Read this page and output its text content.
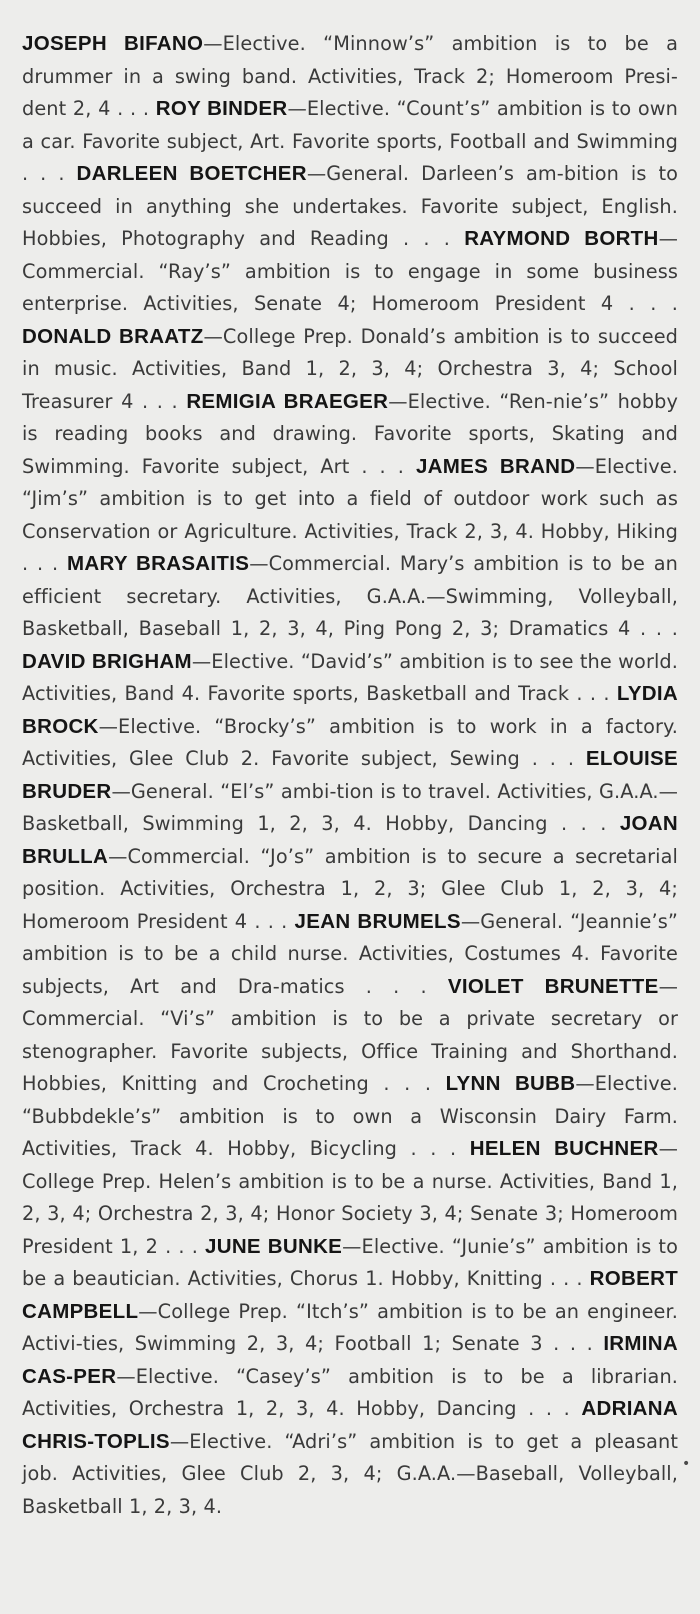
JOSEPH BIFANO—Elective. “Minnow’s” ambition is to be a drummer in a swing band. Activities, Track 2; Homeroom Presi-dent 2, 4 . . . ROY BINDER—Elective. “Count’s” ambition is to own a car. Favorite subject, Art. Favorite sports, Football and Swimming . . . DARLEEN BOETCHER—General. Darleen’s am-bition is to succeed in anything she undertakes. Favorite subject, English. Hobbies, Photography and Reading . . . RAYMOND BORTH—Commercial. “Ray’s” ambition is to engage in some business enterprise. Activities, Senate 4; Homeroom President 4 . . . DONALD BRAATZ—College Prep. Donald’s ambition is to succeed in music. Activities, Band 1, 2, 3, 4; Orchestra 3, 4; School Treasurer 4 . . . REMIGIA BRAEGER—Elective. “Ren-nie’s” hobby is reading books and drawing. Favorite sports, Skating and Swimming. Favorite subject, Art . . . JAMES BRAND—Elective. “Jim’s” ambition is to get into a field of outdoor work such as Conservation or Agriculture. Activities, Track 2, 3, 4. Hobby, Hiking . . . MARY BRASAITIS—Commercial. Mary’s ambition is to be an efficient secretary. Activities, G.A.A.—Swimming, Volleyball, Basketball, Baseball 1, 2, 3, 4, Ping Pong 2, 3; Dramatics 4 . . . DAVID BRIGHAM—Elective. “David’s” ambition is to see the world. Activities, Band 4. Favorite sports, Basketball and Track . . . LYDIA BROCK—Elective. “Brocky’s” ambition is to work in a factory. Activities, Glee Club 2. Favorite subject, Sewing . . . ELOUISE BRUDER—General. “El’s” ambi-tion is to travel. Activities, G.A.A.—Basketball, Swimming 1, 2, 3, 4. Hobby, Dancing . . . JOAN BRULLA—Commercial. “Jo’s” ambition is to secure a secretarial position. Activities, Orchestra 1, 2, 3; Glee Club 1, 2, 3, 4; Homeroom President 4 . . . JEAN BRUMELS—General. “Jeannie’s” ambition is to be a child nurse. Activities, Costumes 4. Favorite subjects, Art and Dra-matics . . . VIOLET BRUNETTE—Commercial. “Vi’s” ambition is to be a private secretary or stenographer. Favorite subjects, Office Training and Shorthand. Hobbies, Knitting and Crocheting . . . LYNN BUBB—Elective. “Bubbdekle’s” ambition is to own a Wisconsin Dairy Farm. Activities, Track 4. Hobby, Bicycling . . . HELEN BUCHNER—College Prep. Helen’s ambition is to be a nurse. Activities, Band 1, 2, 3, 4; Orchestra 2, 3, 4; Honor Society 3, 4; Senate 3; Homeroom President 1, 2 . . . JUNE BUNKE—Elective. “Junie’s” ambition is to be a beautician. Activities, Chorus 1. Hobby, Knitting . . . ROBERT CAMPBELL—College Prep. “Itch’s” ambition is to be an engineer. Activi-ties, Swimming 2, 3, 4; Football 1; Senate 3 . . . IRMINA CAS-PER—Elective. “Casey’s” ambition is to be a librarian. Activities, Orchestra 1, 2, 3, 4. Hobby, Dancing . . . ADRIANA CHRIS-TOPLIS—Elective. “Adri’s” ambition is to get a pleasant job. Activities, Glee Club 2, 3, 4; G.A.A.—Baseball, Volleyball, Basketball 1, 2, 3, 4.
•
